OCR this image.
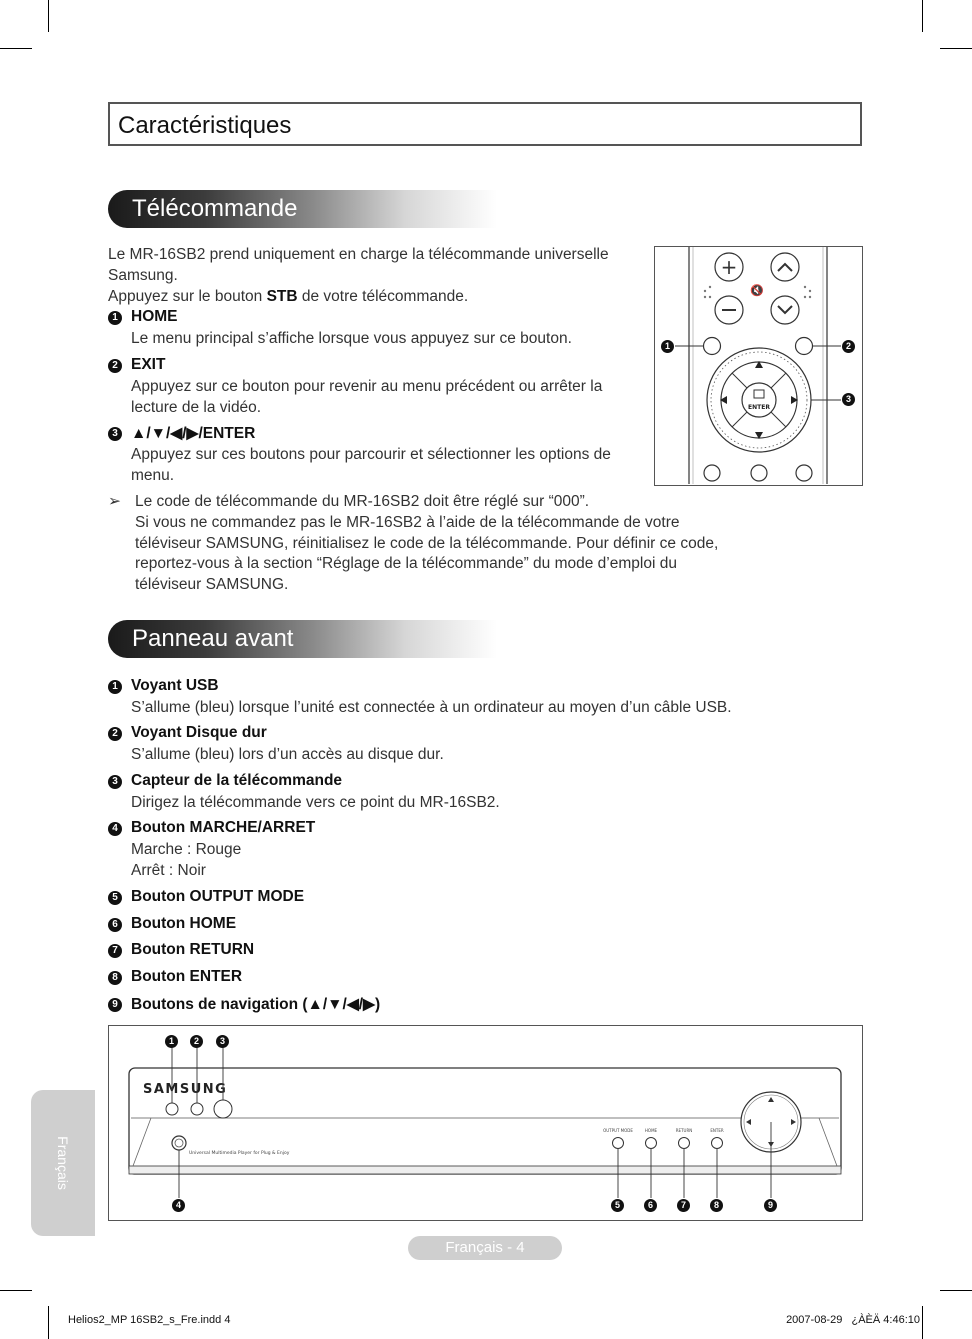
Caractéristiques
Télécommande
Le MR-16SB2 prend uniquement en charge la télécommande universelle
Samsung.
Appuyez sur le bouton STB de votre télécommande.
1 HOME
Le menu principal s’affiche lorsque vous appuyez sur ce bouton.
2 EXIT
Appuyez sur ce bouton pour revenir au menu précédent ou arrêter la
lecture de la vidéo.
3 ▲/▼/◀/▶/ENTER
Appuyez sur ces boutons pour parcourir et sélectionner les options de
menu.
+
🔇
ENTER
1	2
3
➢ Le code de télécommande du MR-16SB2 doit être réglé sur “000”.
Si vous ne commandez pas le MR-16SB2 à l’aide de la télécommande de votre
téléviseur SAMSUNG, réinitialisez le code de la télécommande. Pour définir ce code,
reportez-vous à la section “Réglage de la télécommande” du mode d’emploi du
téléviseur SAMSUNG.
Panneau avant
1 Voyant USB
S’allume (bleu) lorsque l’unité est connectée à un ordinateur au moyen d’un câble USB.
2 Voyant Disque dur
S’allume (bleu) lors d’un accès au disque dur.
3 Capteur de la télécommande
Dirigez la télécommande vers ce point du MR-16SB2.
4 Bouton MARCHE/ARRET
Marche : Rouge
Arrêt : Noir
5 Bouton OUTPUT MODE
6 Bouton HOME
7 Bouton RETURN
8 Bouton ENTER
9 Boutons de navigation (▲/▼/◀/▶)
SAMSUNG
Universal Multimedia Player for Plug & Enjoy
OUTPUT MODE	HOME	RETURN	ENTER
1	2	3
4	5	6	7	8	9
Français
Français - 4
Helios2_MP 16SB2_s_Fre.indd 4	2007-08-29   ¿ÀÈÄ 4:46:10
